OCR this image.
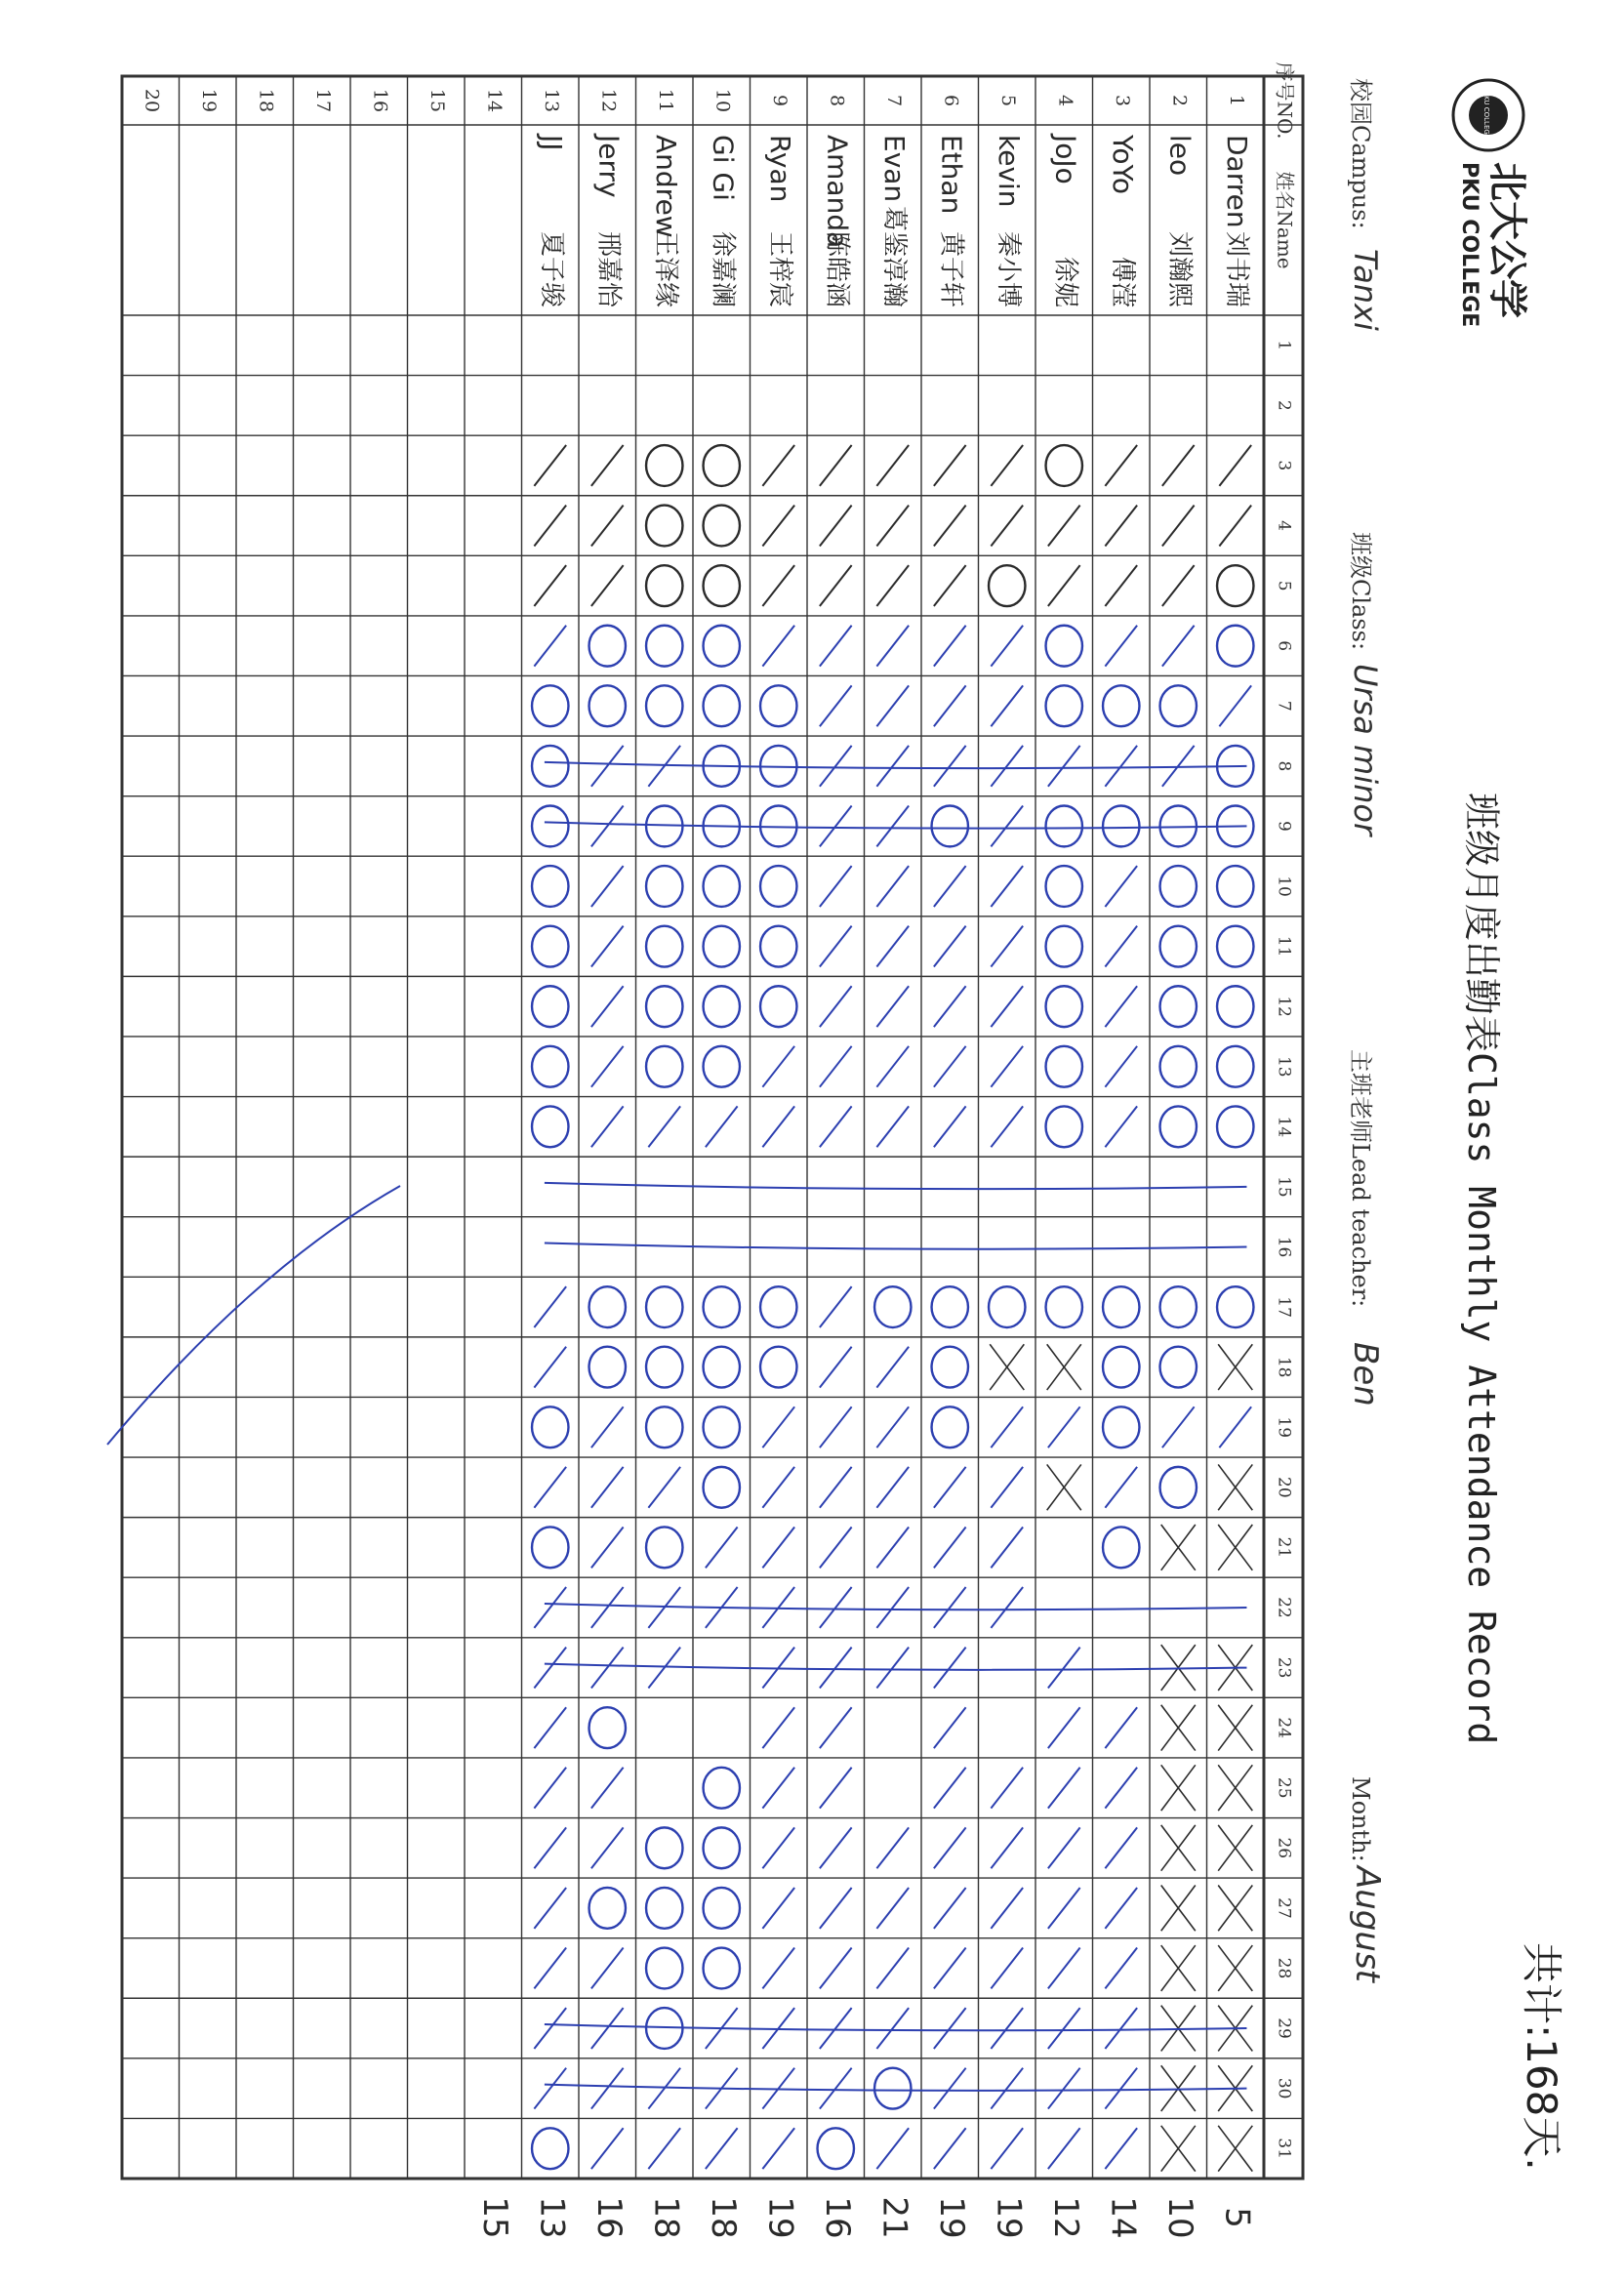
PKU COLLEGE
北大公学
PKU COLLEGE
班级月度出勤表Class Monthly Attendance Record
校园Campus:
Tanxi
班级Class:
Ursa minor
主班老师Lead teacher:
Ben
Month:
August
共计:168天.
序号NO.
姓名Name
1
2
3
4
5
6
7
8
9
10
11
12
13
14
15
16
17
18
19
20
21
22
23
24
25
26
27
28
29
30
31
Darren
刘书瑞
5
1
leo
刘瀚熙
10
2
YoYo
傅滢
14
3
JoJo
徐妮
12
4
kevin
秦小博
19
5
Ethan
黄子轩
19
6
Evan
葛鉴淳瀚
21
7
Amanda
陈皓涵
16
8
Ryan
王梓宸
19
9
Gi Gi
徐嘉澜
18
10
Andrew
王泽缘
18
11
Jerry
邢嘉怡
16
12
JJ
夏子骏
13
13
15
14
15
16
17
18
19
20
